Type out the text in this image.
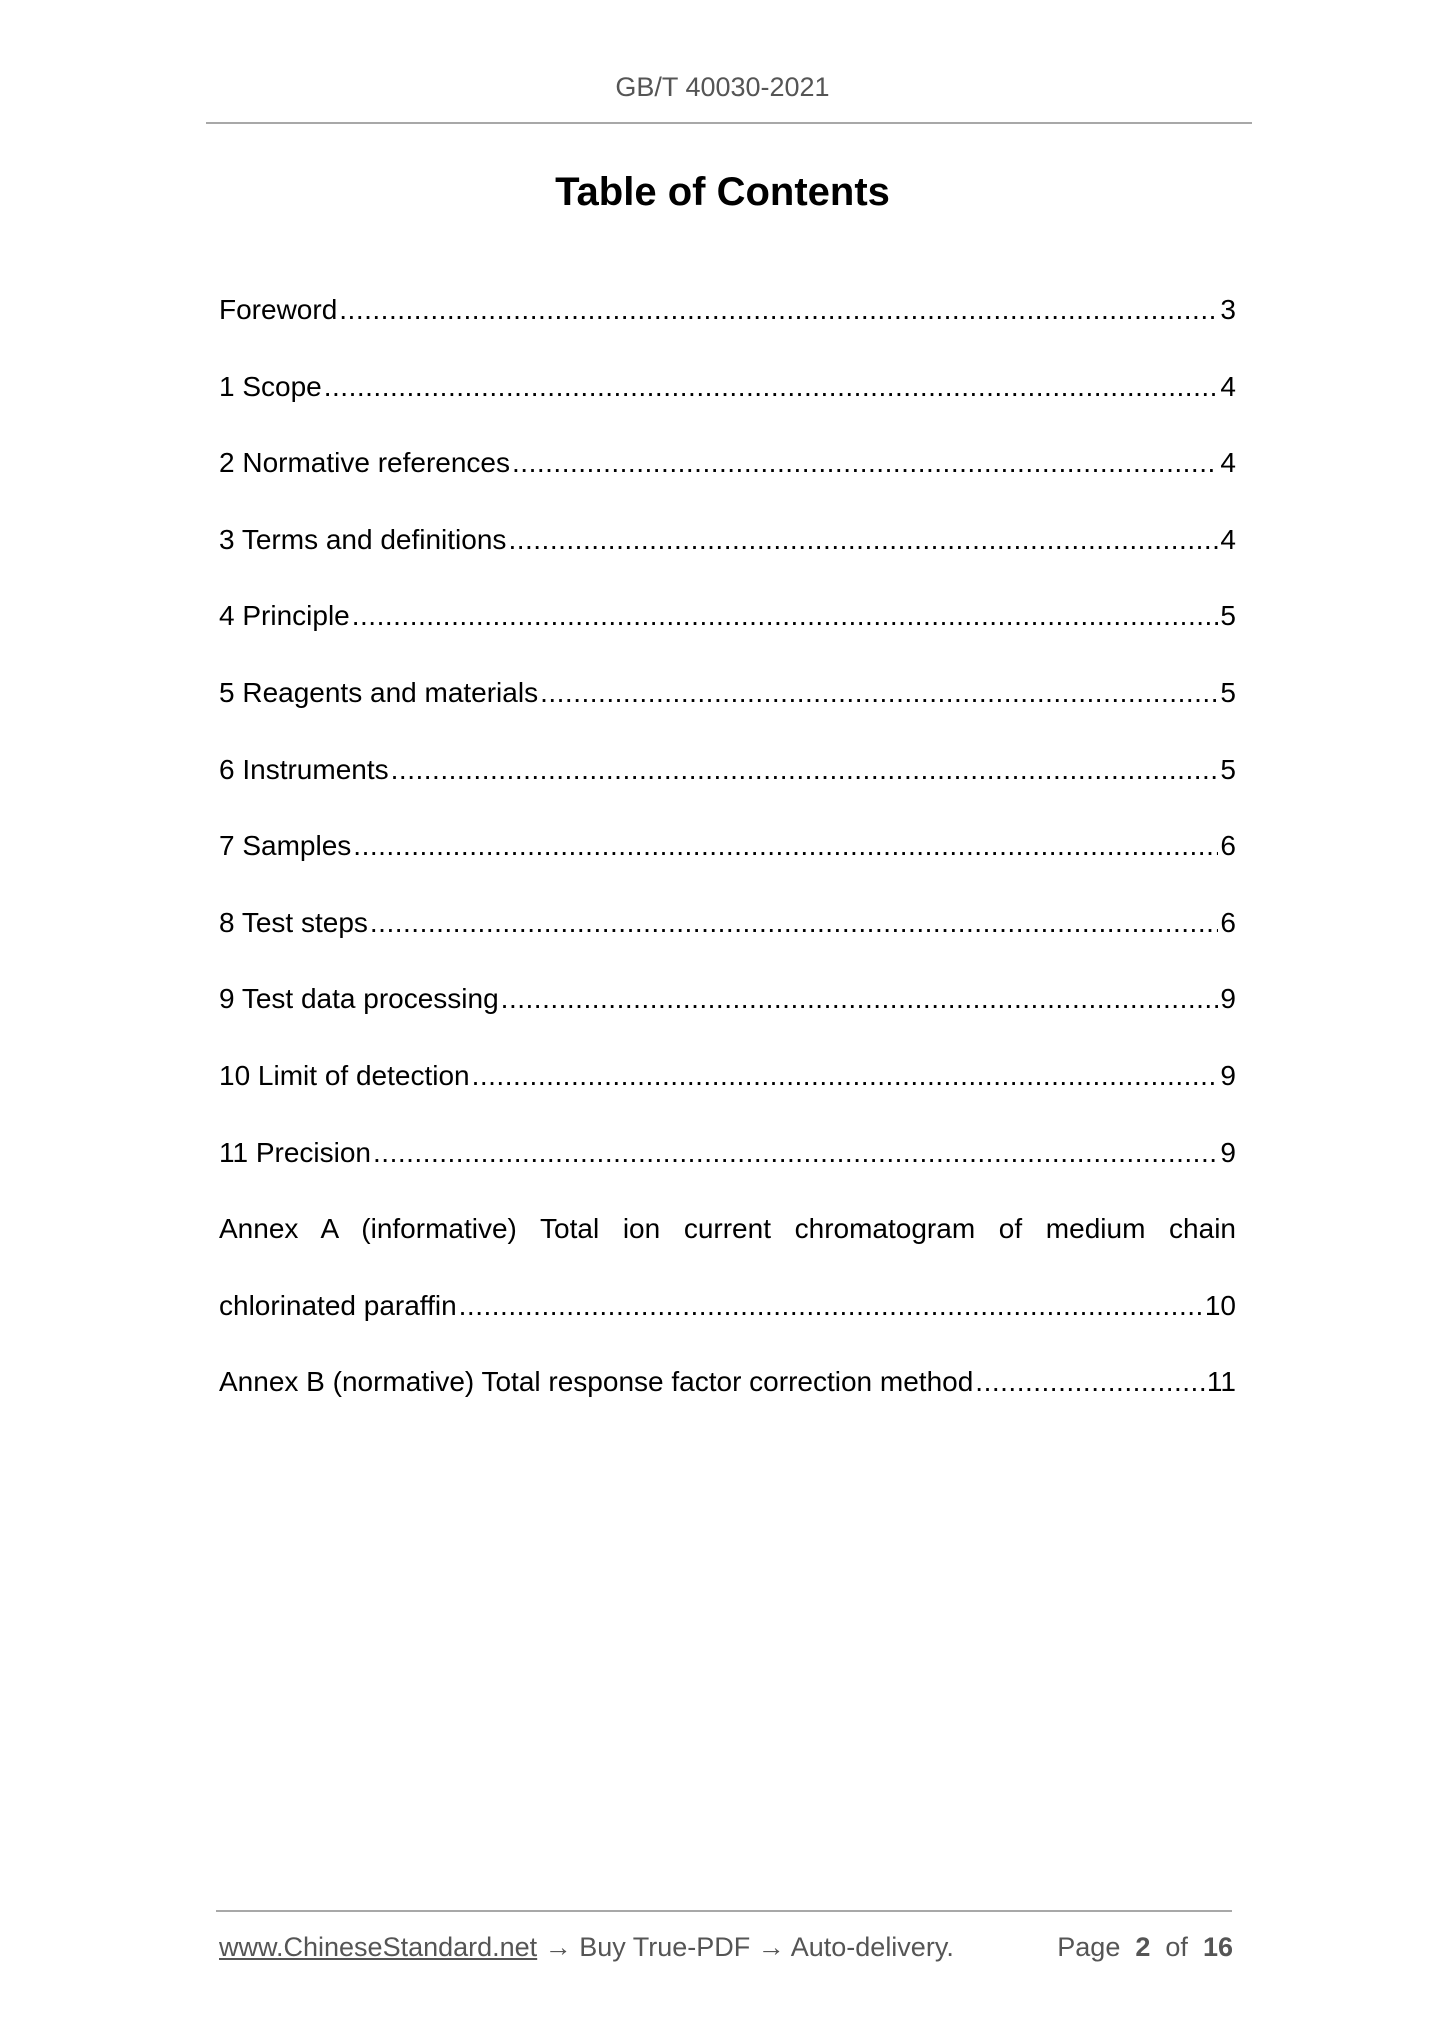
GB/T 40030-2021
Table of Contents
Foreword .....	3
1 Scope .....	4
2 Normative references .....	4
3 Terms and definitions .....	4
4 Principle .....	5
5 Reagents and materials .....	5
6 Instruments .....	5
7 Samples .....	6
8 Test steps .....	6
9 Test data processing .....	9
10 Limit of detection .....	9
11 Precision .....	9
Annex A (informative) Total ion current chromatogram of medium chain
chlorinated paraffin .....	10
Annex B (normative) Total response factor correction method .....	11
www.ChineseStandard.net → Buy True-PDF → Auto-delivery.	Page 2 of 16
